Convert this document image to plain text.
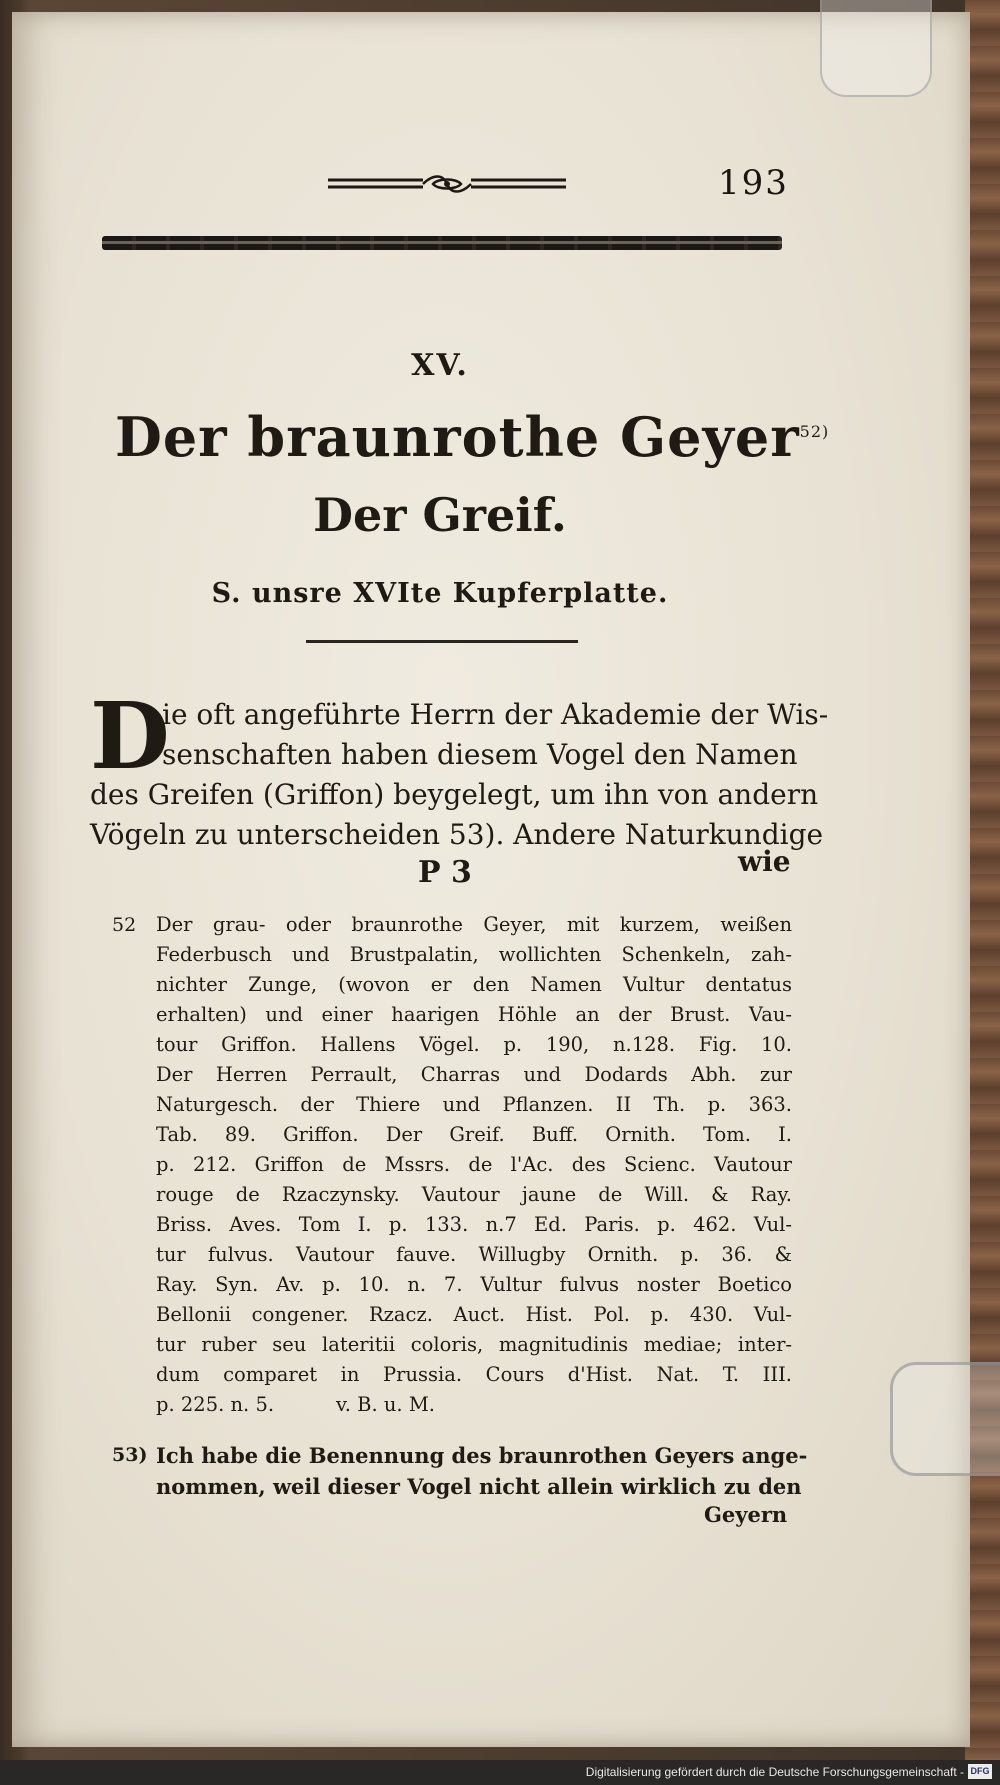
193
XV.
Der braunrothe Geyer$^{52)}$
Der Greif.
S. unsre XVIte Kupferplatte.
D
ie oft angeführte Herrn der Akademie der Wis-
senschaften haben diesem Vogel den Namen
des Greifen (Griffon) beygelegt, um ihn von andern
Vögeln zu unterscheiden 53). Andere Naturkundige
P 3	wie
52 Der grau- oder braunrothe Geyer, mit kurzem, weißen
Federbusch und Brustpalatin, wollichten Schenkeln, zah-
nichter Zunge, (wovon er den Namen Vultur dentatus
erhalten) und einer haarigen Höhle an der Brust. Vau-
tour Griffon. Hallens Vögel. p. 190, n.128. Fig. 10.
Der Herren Perrault, Charras und Dodards Abh. zur
Naturgesch. der Thiere und Pflanzen. II Th. p. 363.
Tab. 89. Griffon. Der Greif. Buff. Ornith. Tom. I.
p. 212. Griffon de Mssrs. de l'Ac. des Scienc. Vautour
rouge de Rzaczynsky. Vautour jaune de Will. & Ray.
Briss. Aves. Tom I. p. 133. n.7 Ed. Paris. p. 462. Vul-
tur fulvus. Vautour fauve. Willugby Ornith. p. 36. &
Ray. Syn. Av. p. 10. n. 7. Vultur fulvus noster Boetico
Bellonii congener. Rzacz. Auct. Hist. Pol. p. 430. Vul-
tur ruber seu lateritii coloris, magnitudinis mediae; inter-
dum comparet in Prussia. Cours d'Hist. Nat. T. III.
p. 225. n. 5.          v. B. u. M.
53) Ich habe die Benennung des braunrothen Geyers ange-
nommen, weil dieser Vogel nicht allein wirklich zu den
Geyern
Digitalisierung gefördert durch die Deutsche Forschungsgemeinschaft - DFG
